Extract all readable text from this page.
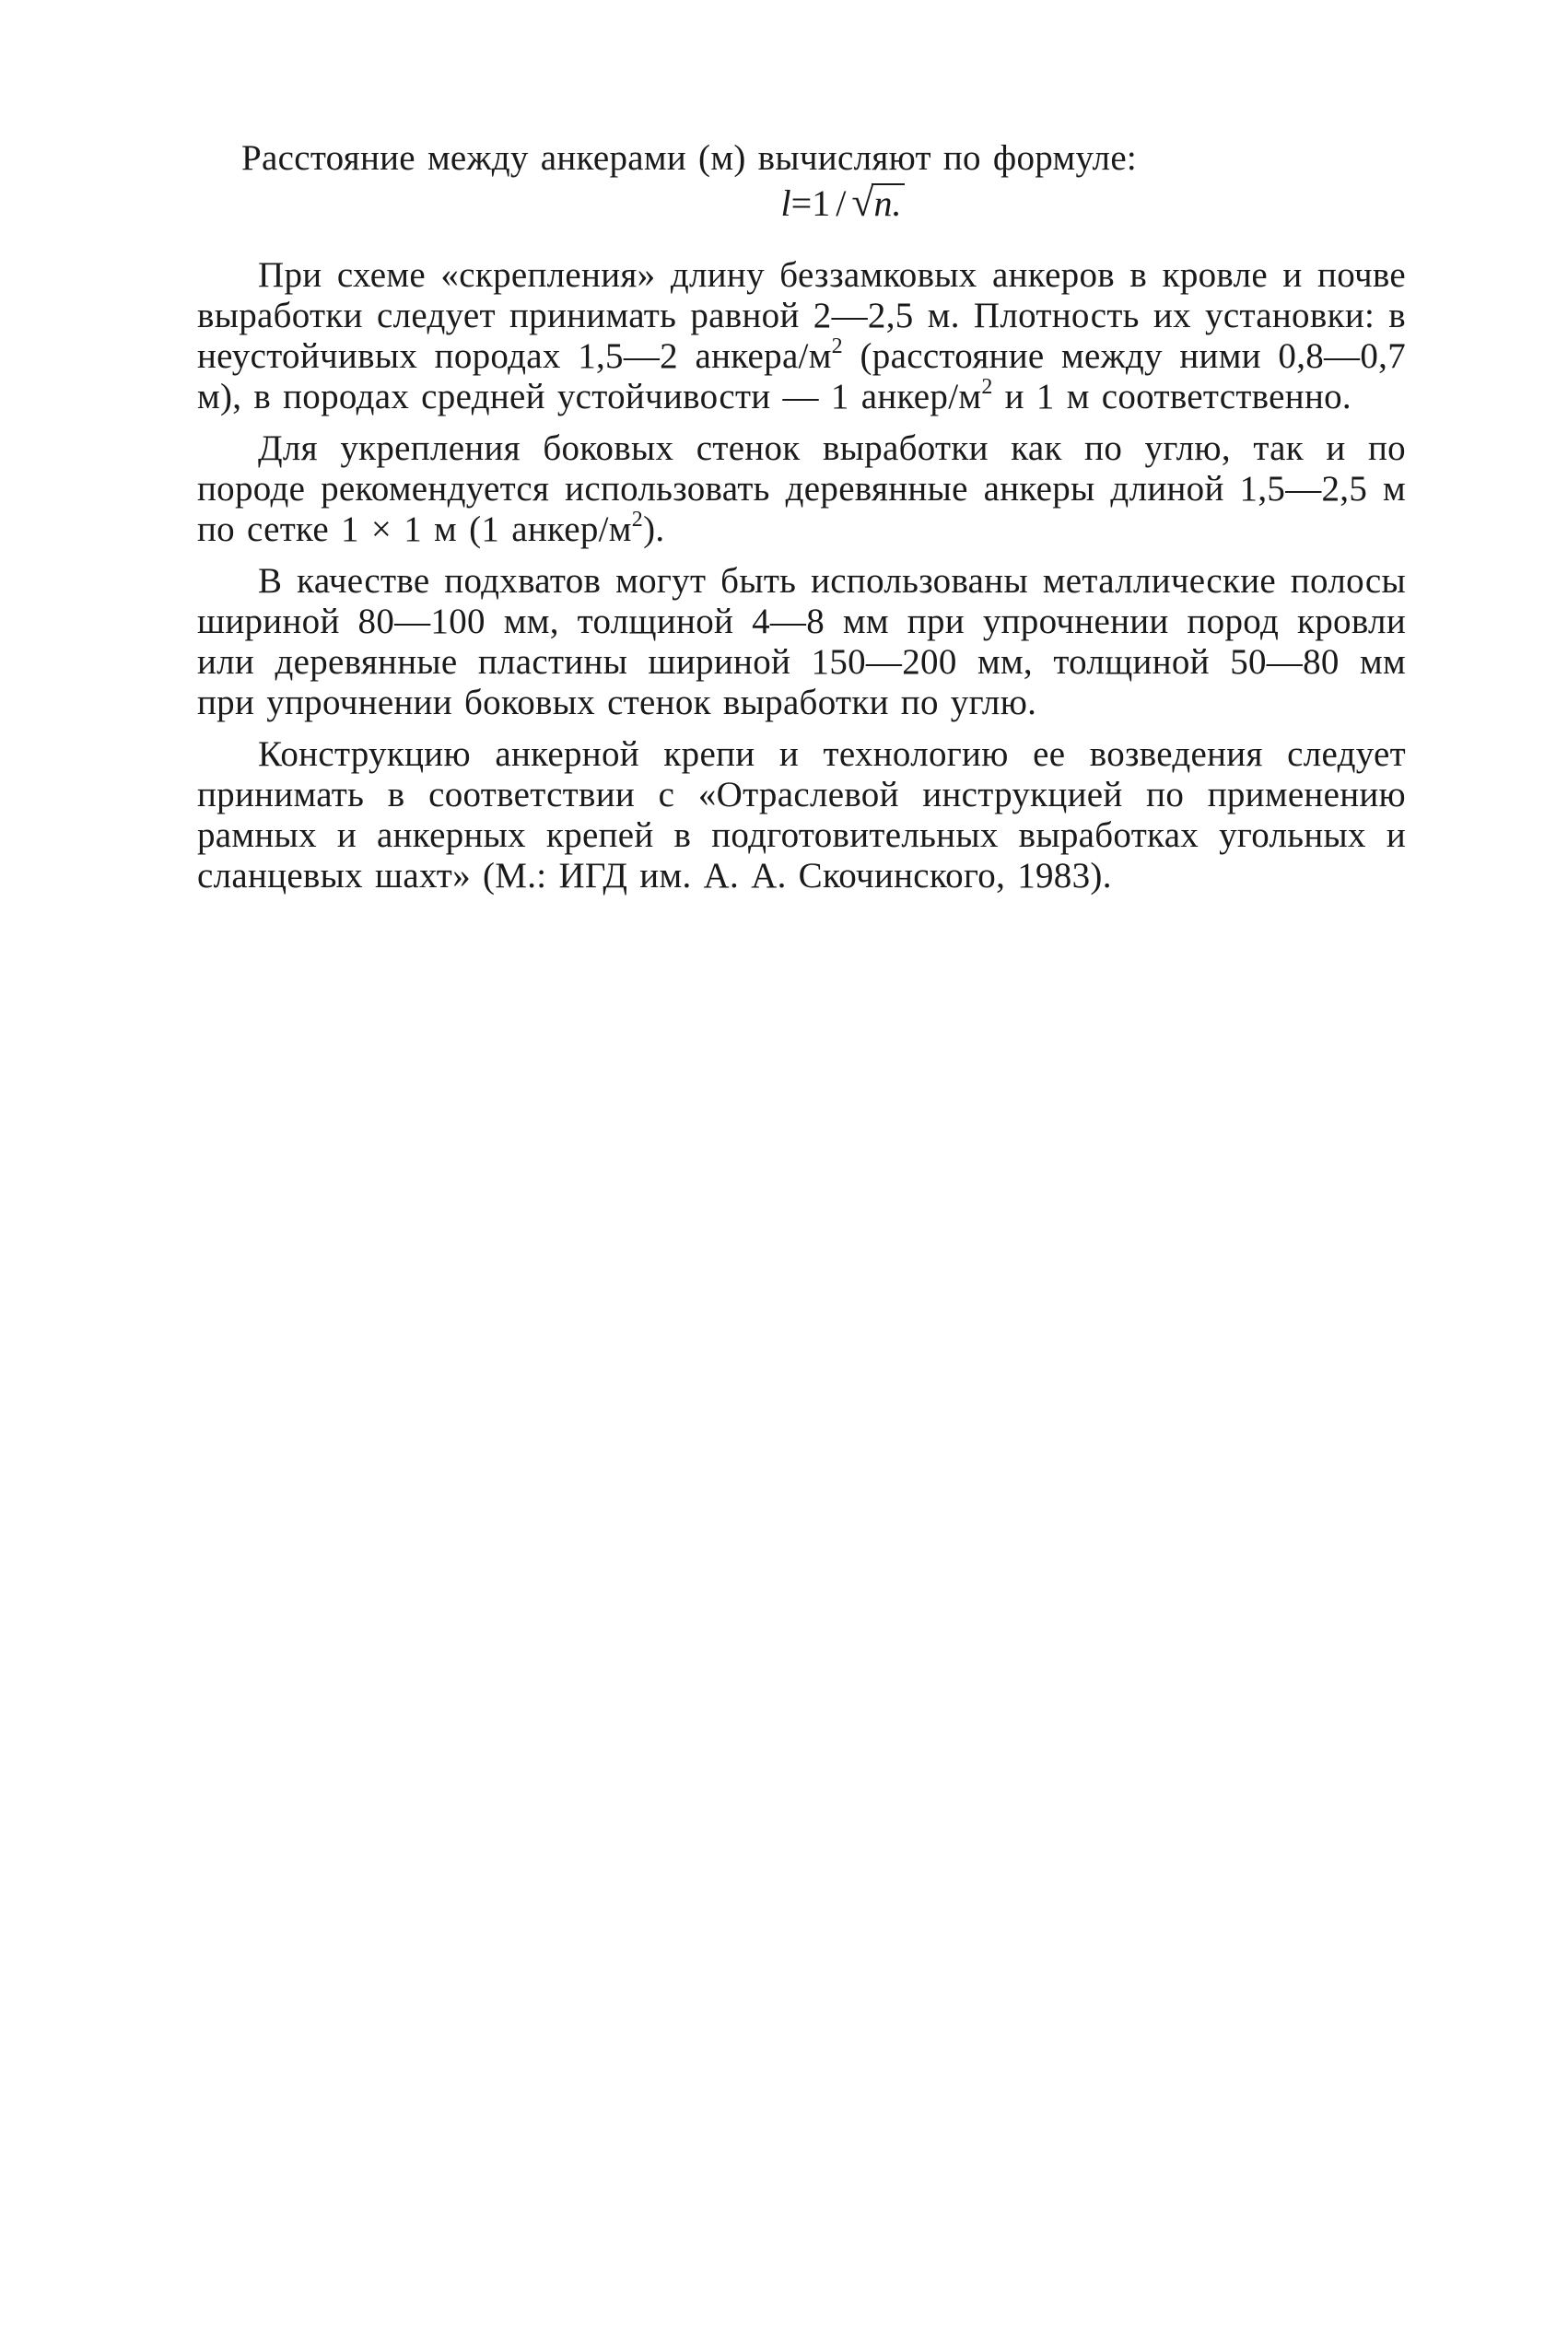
Расстояние между анкерами (м) вычисляют по формуле:

l=1 / √n.

При схеме «скрепления» длину беззамковых анкеров в кровле и почве выработки следует принимать равной 2—2,5 м. Плотность их установки: в неустойчивых породах 1,5—2 анкера/$м^2$ (расстояние между ними 0,8—0,7 м), в породах средней устойчивости — 1 анкер/$м^2$ и 1 м соответственно.

Для укрепления боковых стенок выработки как по углю, так и по породе рекомендуется использовать деревянные анкеры длиной 1,5—2,5 м по сетке 1 × 1 м (1 анкер/$м^2$).

В качестве подхватов могут быть использованы металлические полосы шириной 80—100 мм, толщиной 4—8 мм при упрочнении пород кровли или деревянные пластины шириной 150—200 мм, толщиной 50—80 мм при упрочнении боковых стенок выработки по углю.

Конструкцию анкерной крепи и технологию ее возведения следует принимать в соответствии с «Отраслевой инструкцией по применению рамных и анкерных крепей в подготовительных выработках угольных и сланцевых шахт» (М.: ИГД им. А. А. Скочинского, 1983).
